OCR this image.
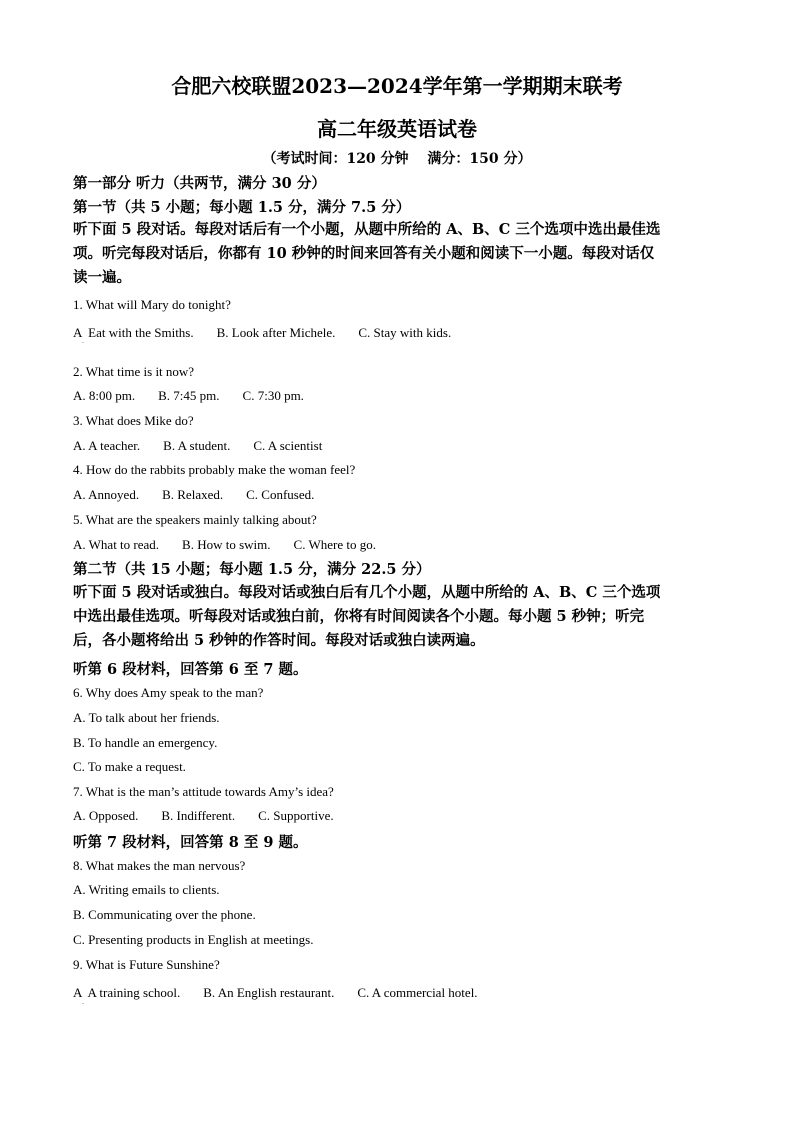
合肥六校联盟2023—2024学年第一学期期末联考
高二年级英语试卷
（考试时间：120 分钟　 满分：150 分）
第一部分 听力（共两节，满分 30 分）
第一节（共 5 小题；每小题 1.5 分，满分 7.5 分）
听下面 5 段对话。每段对话后有一个小题，从题中所给的 A、B、C 三个选项中选出最佳选
项。听完每段对话后，你都有 10 秒钟的时间来回答有关小题和阅读下一小题。每段对话仅
读一遍。
1. What will Mary do tonight?
A  Eat with the Smiths. B. Look after Michele. C. Stay with kids.
·
2. What time is it now?
A. 8:00 pm. B. 7:45 pm. C. 7:30 pm.
3. What does Mike do?
A. A teacher. B. A student. C. A scientist
4. How do the rabbits probably make the woman feel?
A. Annoyed. B. Relaxed. C. Confused.
5. What are the speakers mainly talking about?
A. What to read. B. How to swim. C. Where to go.
第二节（共 15 小题；每小题 1.5 分，满分 22.5 分）
听下面 5 段对话或独白。每段对话或独白后有几个小题，从题中所给的 A、B、C 三个选项
中选出最佳选项。听每段对话或独白前，你将有时间阅读各个小题。每小题 5 秒钟；听完
后，各小题将给出 5 秒钟的作答时间。每段对话或独白读两遍。
听第 6 段材料，回答第 6 至 7 题。
6. Why does Amy speak to the man?
A. To talk about her friends.
B. To handle an emergency.
C. To make a request.
7. What is the man’s attitude towards Amy’s idea?
A. Opposed. B. Indifferent. C. Supportive.
听第 7 段材料，回答第 8 至 9 题。
8. What makes the man nervous?
A. Writing emails to clients.
B. Communicating over the phone.
C. Presenting products in English at meetings.
9. What is Future Sunshine?
A  A training school. B. An English restaurant. C. A commercial hotel.
·
